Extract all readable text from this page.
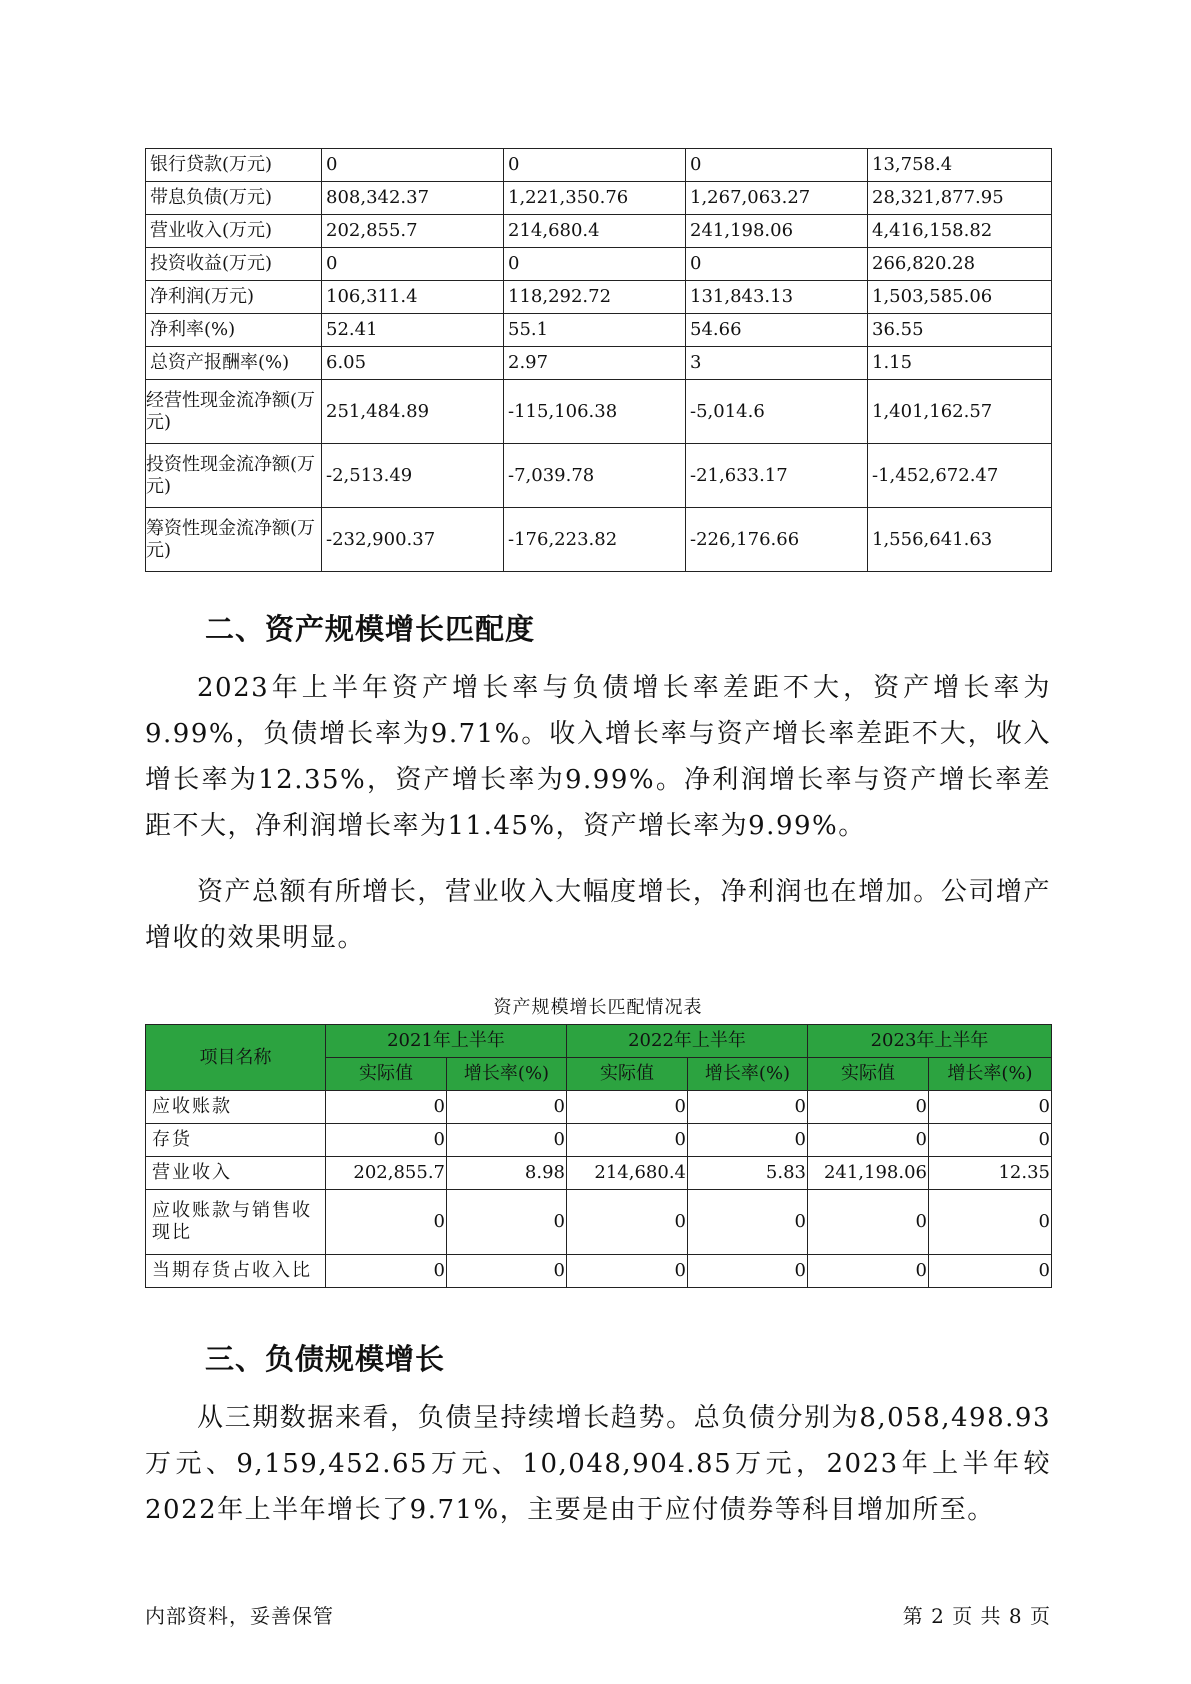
银行贷款(万元)	0	0	0	13,758.4
带息负债(万元)	808,342.37	1,221,350.76	1,267,063.27	28,321,877.95
营业收入(万元)	202,855.7	214,680.4	241,198.06	4,416,158.82
投资收益(万元)	0	0	0	266,820.28
净利润(万元)	106,311.4	118,292.72	131,843.13	1,503,585.06
净利率(%)	52.41	55.1	54.66	36.55
总资产报酬率(%)	6.05	2.97	3	1.15
经营性现金流净额(万元)	251,484.89	-115,106.38	-5,014.6	1,401,162.57
投资性现金流净额(万元)	-2,513.49	-7,039.78	-21,633.17	-1,452,672.47
筹资性现金流净额(万元)	-232,900.37	-176,223.82	-226,176.66	1,556,641.63
二、资产规模增长匹配度

2023年上半年资产增长率与负债增长率差距不大，资产增长率为9.99%，负债增长率为9.71%。收入增长率与资产增长率差距不大，收入增长率为12.35%，资产增长率为9.99%。净利润增长率与资产增长率差距不大，净利润增长率为11.45%，资产增长率为9.99%。

资产总额有所增长，营业收入大幅度增长，净利润也在增加。公司增产增收的效果明显。

资产规模增长匹配情况表
项目名称	2021年上半年		2022年上半年		2023年上半年	
	实际值	增长率(%)	实际值	增长率(%)	实际值	增长率(%)
应收账款	0	0	0	0	0	0
存货	0	0	0	0	0	0
营业收入	202,855.7	8.98	214,680.4	5.83	241,198.06	12.35
应收账款与销售收现比	0	0	0	0	0	0
当期存货占收入比	0	0	0	0	0	0
三、负债规模增长

从三期数据来看，负债呈持续增长趋势。总负债分别为8,058,498.93万元、9,159,452.65万元、10,048,904.85万元，2023年上半年较2022年上半年增长了9.71%，主要是由于应付债券等科目增加所至。

内部资料，妥善保管	第 2 页 共 8 页
